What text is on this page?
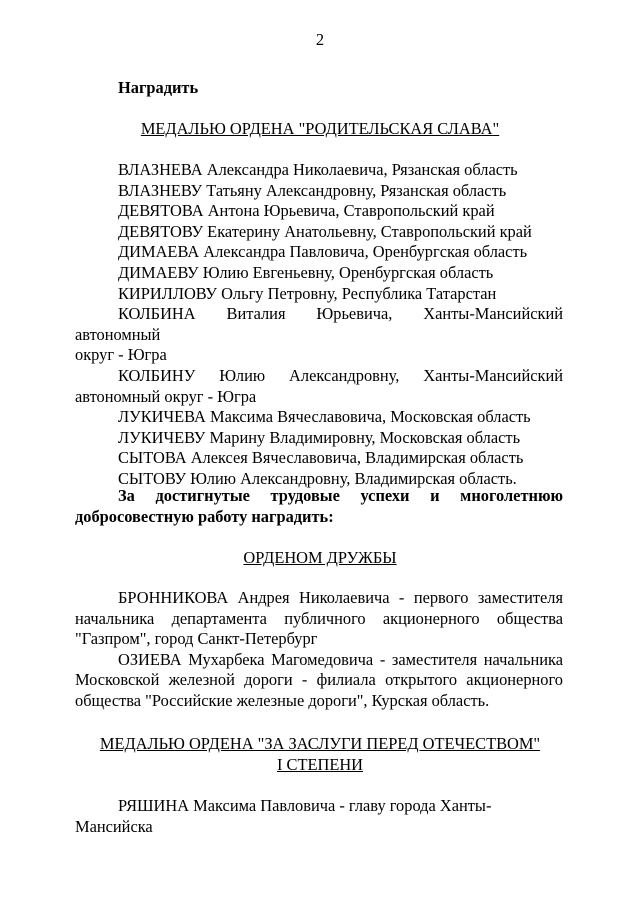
2
Наградить
МЕДАЛЬЮ ОРДЕНА "РОДИТЕЛЬСКАЯ СЛАВА"

ВЛАЗНЕВА Александра Николаевича, Рязанская область

ВЛАЗНЕВУ Татьяну Александровну, Рязанская область

ДЕВЯТОВА Антона Юрьевича, Ставропольский край

ДЕВЯТОВУ Екатерину Анатольевну, Ставропольский край

ДИМАЕВА Александра Павловича, Оренбургская область

ДИМАЕВУ Юлию Евгеньевну, Оренбургская область

КИРИЛЛОВУ Ольгу Петровну, Республика Татарстан

КОЛБИНА Виталия Юрьевича, Ханты-Мансийский автономный

округ - Югра

КОЛБИНУ Юлию Александровну, Ханты-Мансийский

автономный округ - Югра

ЛУКИЧЕВА Максима Вячеславовича, Московская область

ЛУКИЧЕВУ Марину Владимировну, Московская область

СЫТОВА Алексея Вячеславовича, Владимирская область

СЫТОВУ Юлию Александровну, Владимирская область.

За достигнутые трудовые успехи и многолетнюю

добросовестную работу наградить:

ОРДЕНОМ ДРУЖБЫ

БРОННИКОВА Андрея Николаевича - первого заместителя начальника департамента публичного акционерного общества "Газпром", город Санкт-Петербург

ОЗИЕВА Мухарбека Магомедовича - заместителя начальника Московской железной дороги - филиала открытого акционерного общества "Российские железные дороги", Курская область.

МЕДАЛЬЮ ОРДЕНА "ЗА ЗАСЛУГИ ПЕРЕД ОТЕЧЕСТВОМ"

I СТЕПЕНИ

РЯШИНА Максима Павловича - главу города Ханты-Мансийска
